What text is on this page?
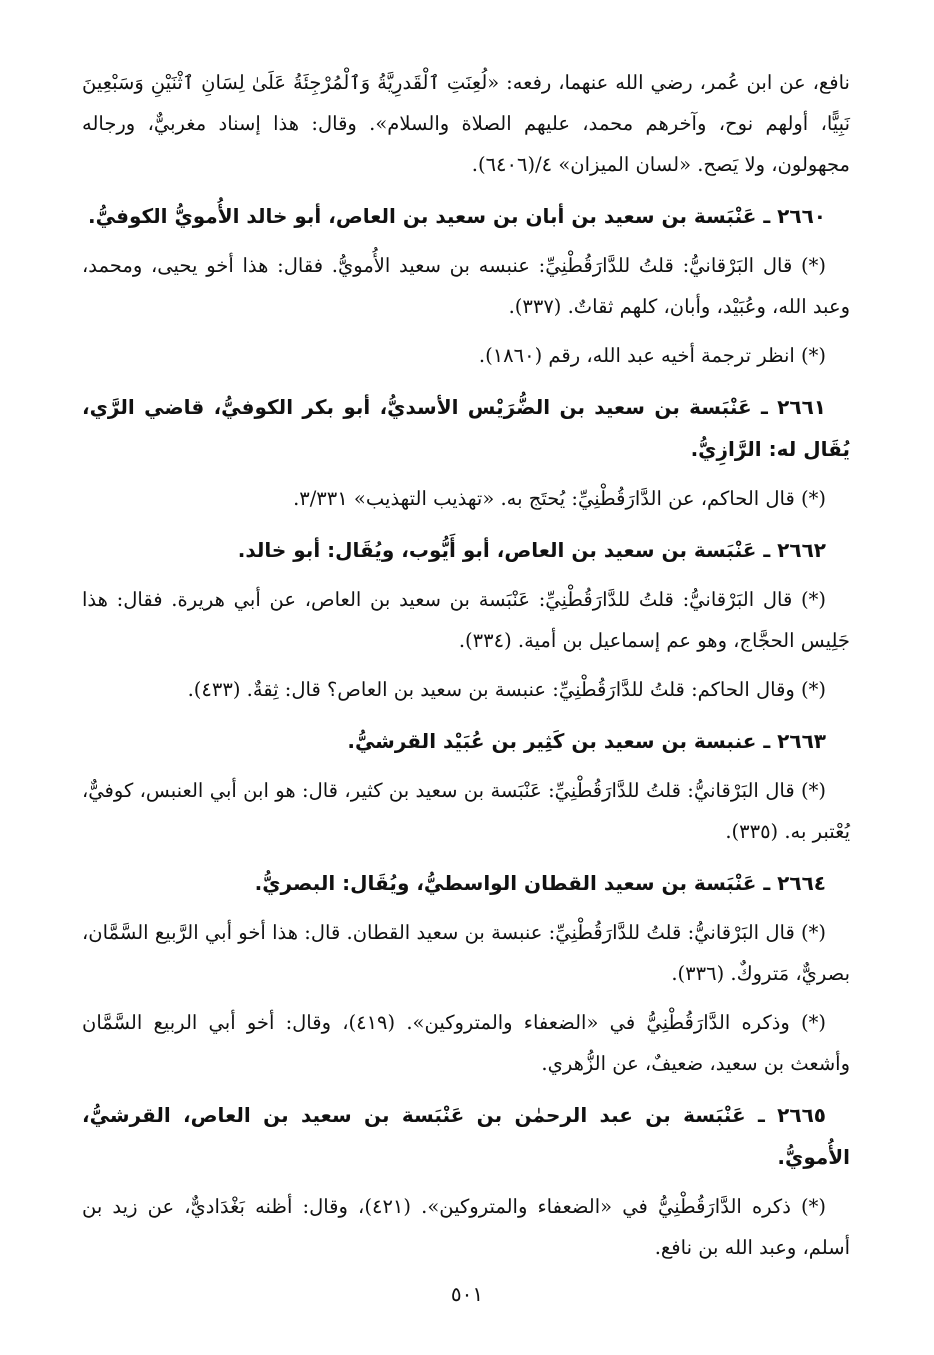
نافع، عن ابن عُمر، رضي الله عنهما، رفعه: «لُعِنَتِ ٱلْقَدرِيَّةُ وَٱلْمُرْجِئَةُ عَلَىٰ لِسَانِ ٱثْنَيْنِ وَسَبْعِينَ نَبِيًّا، أولهم نوح، وآخرهم محمد، عليهم الصلاة والسلام». وقال: هذا إسناد مغربيٌّ، ورجاله مجهولون، ولا يَصح. «لسان الميزان» ٤/(٦٤٠٦).

٢٦٦٠ ـ عَنْبَسة بن سعيد بن أبان بن سعيد بن العاص، أبو خالد الأُمويُّ الكوفيُّ.

(*) قال البَرْقانيُّ: قلتُ للدَّارَقُطْنِيِّ: عنبسه بن سعيد الأُمويُّ. فقال: هذا أخو يحيى، ومحمد، وعبد الله، وعُبَيْد، وأبان، كلهم ثقاتٌ. (٣٣٧).

(*) انظر ترجمة أخيه عبد الله، رقم (١٨٦٠).

٢٦٦١ ـ عَنْبَسة بن سعيد بن الضُّرَيْس الأسديُّ، أبو بكر الكوفيُّ، قاضي الرَّي، يُقَال له: الرَّازِيُّ.

(*) قال الحاكم، عن الدَّارَقُطْنِيِّ: يُحتَج به. «تهذيب التهذيب» ٣/٣٣١.

٢٦٦٢ ـ عَنْبَسة بن سعيد بن العاص، أبو أَيُّوب، ويُقَال: أبو خالد.

(*) قال البَرْقانيُّ: قلتُ للدَّارَقُطْنِيِّ: عَنْبَسة بن سعيد بن العاص، عن أبي هريرة. فقال: هذا جَلِيس الحجَّاج، وهو عم إسماعيل بن أمية. (٣٣٤).

(*) وقال الحاكم: قلتُ للدَّارَقُطْنِيِّ: عنبسة بن سعيد بن العاص؟ قال: ثِقةٌ. (٤٣٣).

٢٦٦٣ ـ عنبسة بن سعيد بن كَثِير بن عُبَيْد القرشيُّ.

(*) قال البَرْقانيُّ: قلتُ للدَّارَقُطْنِيِّ: عَنْبَسة بن سعيد بن كثير، قال: هو ابن أبي العنبس، كوفيٌّ، يُعْتبر به. (٣٣٥).

٢٦٦٤ ـ عَنْبَسة بن سعيد القطان الواسطيُّ، ويُقَال: البصريُّ.

(*) قال البَرْقانيُّ: قلتُ للدَّارَقُطْنِيِّ: عنبسة بن سعيد القطان. قال: هذا أخو أبي الرَّبيع السَّمَّان، بصريٌّ، مَتروكٌ. (٣٣٦).

(*) وذكره الدَّارَقُطْنِيُّ في «الضعفاء والمتروكين». (٤١٩)، وقال: أخو أبي الربيع السَّمَّان وأشعث بن سعيد، ضعيفٌ، عن الزُّهري.

٢٦٦٥ ـ عَنْبَسة بن عبد الرحمٰن بن عَنْبَسة بن سعيد بن العاص، القرشيُّ، الأُمويُّ.

(*) ذكره الدَّارَقُطْنِيُّ في «الضعفاء والمتروكين». (٤٢١)، وقال: أظنه بَغْدَاديٌّ، عن زيد بن أسلم، وعبد الله بن نافع.

٥٠١
